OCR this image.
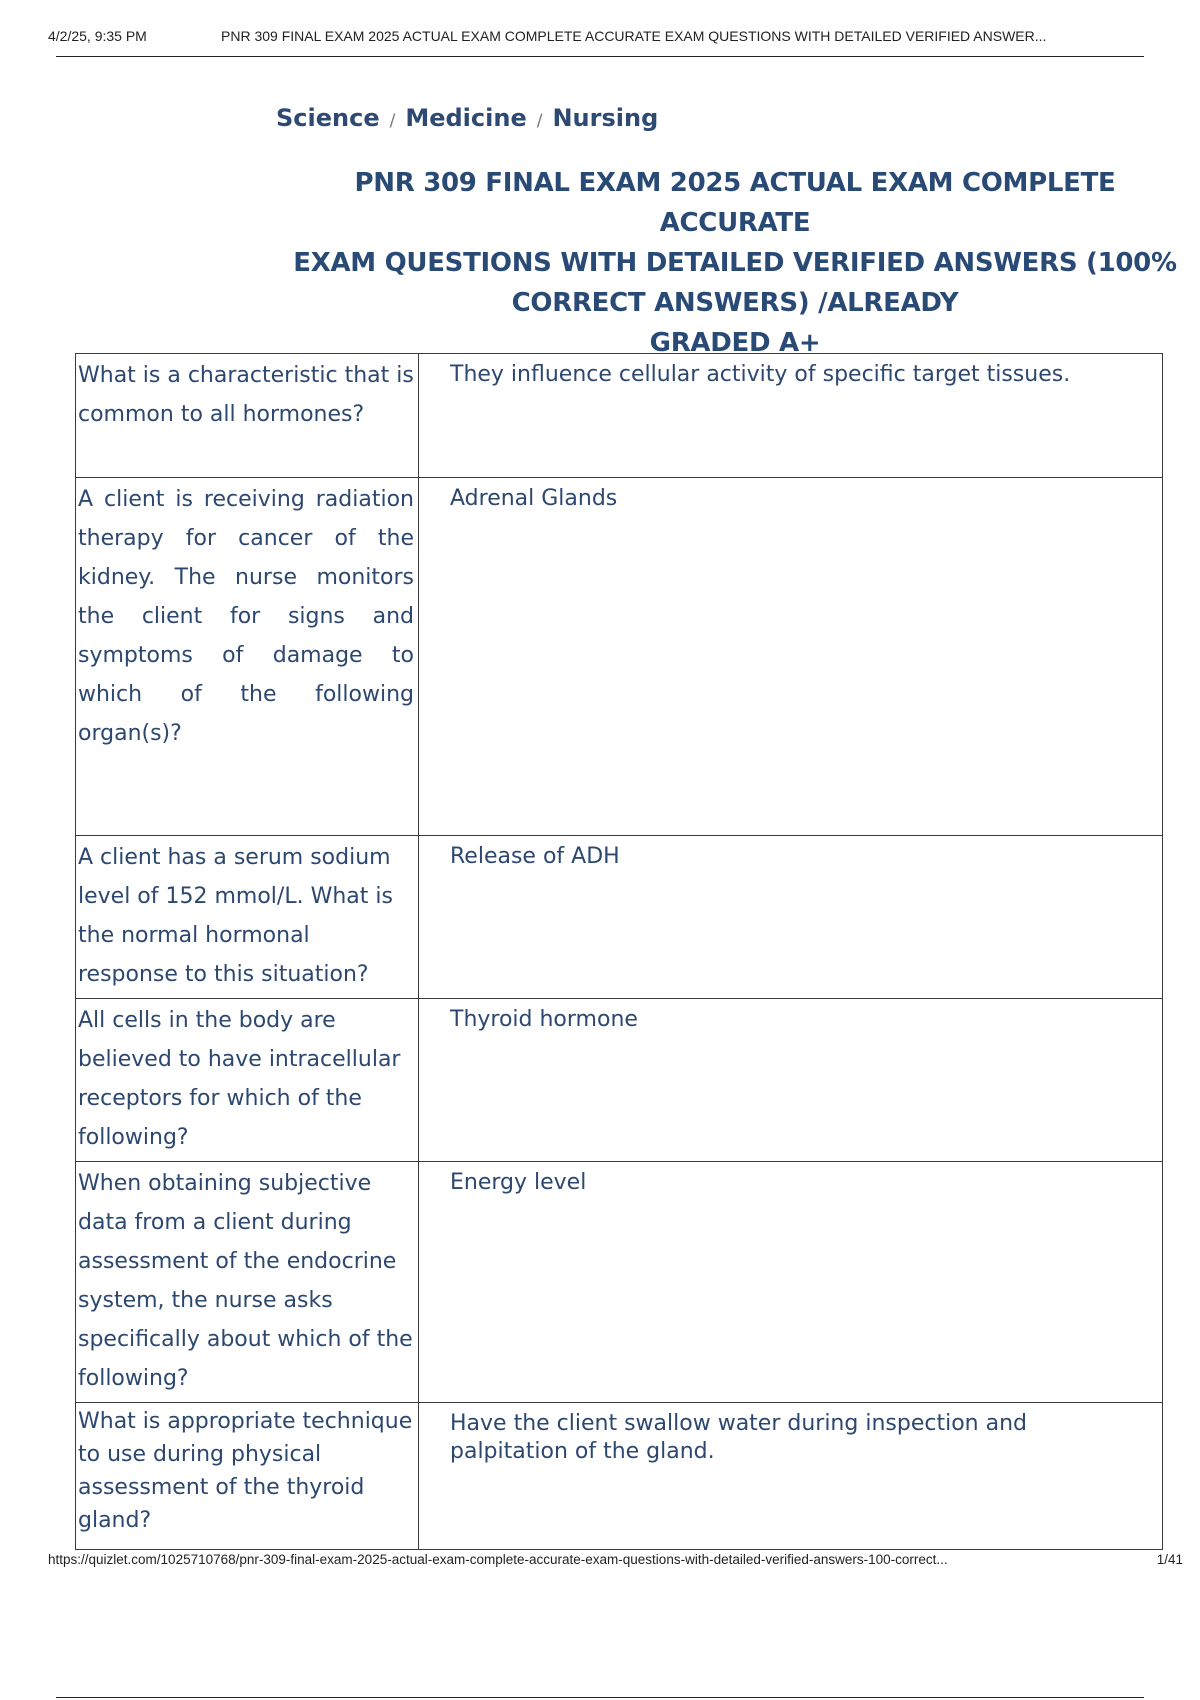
4/2/25, 9:35 PM	PNR 309 FINAL EXAM 2025 ACTUAL EXAM COMPLETE ACCURATE EXAM QUESTIONS WITH DETAILED VERIFIED ANSWER...
Science / Medicine / Nursing
PNR 309 FINAL EXAM 2025 ACTUAL EXAM COMPLETE ACCURATE
EXAM QUESTIONS WITH DETAILED VERIFIED ANSWERS (100%
CORRECT ANSWERS) /ALREADY
GRADED A+
What is a characteristic that is common to all hormones?	They influence cellular activity of specific target tissues.
A client is receiving radiation therapy for cancer of the kidney. The nurse monitors the client for signs and symptoms of damage to which of the following organ(s)?	Adrenal Glands
A client has a serum sodium level of 152 mmol/L. What is the normal hormonal response to this situation?	Release of ADH
All cells in the body are believed to have intracellular receptors for which of the following?	Thyroid hormone
When obtaining subjective data from a client during assessment of the endocrine system, the nurse asks specifically about which of the following?	Energy level
What is appropriate technique to use during physical assessment of the thyroid gland?	Have the client swallow water during inspection and palpitation of the gland.
https://quizlet.com/1025710768/pnr-309-final-exam-2025-actual-exam-complete-accurate-exam-questions-with-detailed-verified-answers-100-correct...	1/41
